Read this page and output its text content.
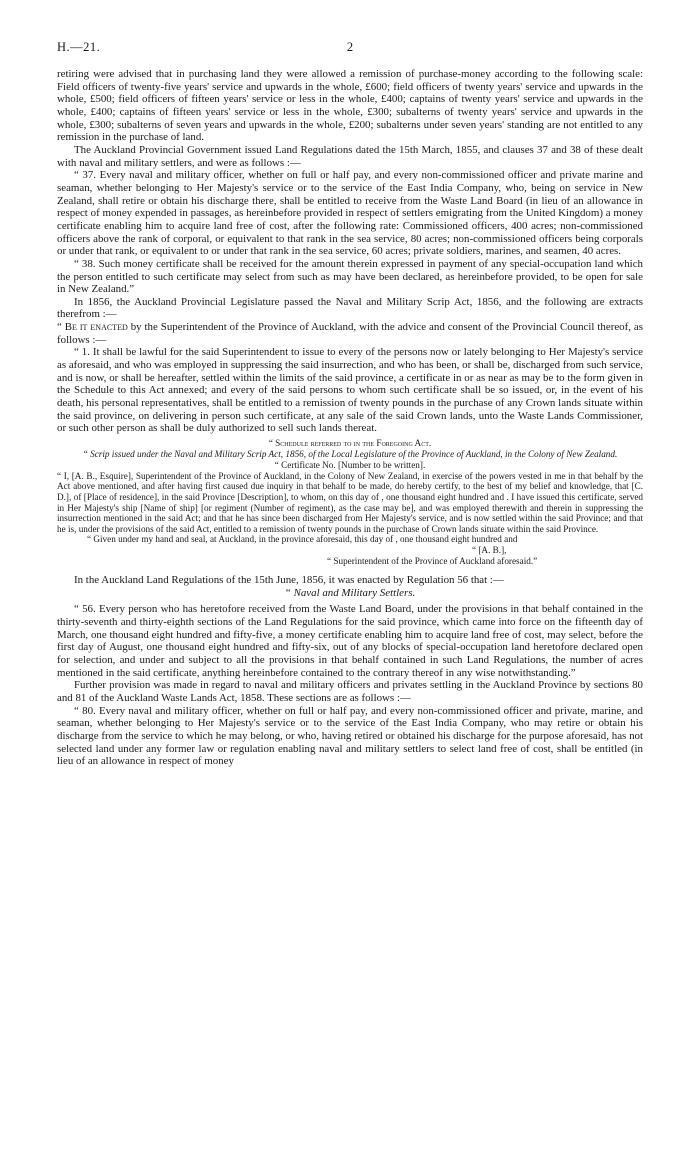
H.—21.	2

retiring were advised that in purchasing land they were allowed a remission of purchase-money according to the following scale: Field officers of twenty-five years' service and upwards in the whole, £600; field officers of twenty years' service and upwards in the whole, £500; field officers of fifteen years' service or less in the whole, £400; captains of twenty years' service and upwards in the whole, £400; captains of fifteen years' service or less in the whole, £300; subalterns of twenty years' service and upwards in the whole, £300; subalterns of seven years and upwards in the whole, £200; subalterns under seven years' standing are not entitled to any remission in the purchase of land.

The Auckland Provincial Government issued Land Regulations dated the 15th March, 1855, and clauses 37 and 38 of these dealt with naval and military settlers, and were as follows :—

“ 37. Every naval and military officer, whether on full or half pay, and every non-commissioned officer and private marine and seaman, whether belonging to Her Majesty's service or to the service of the East India Company, who, being on service in New Zealand, shall retire or obtain his discharge there, shall be entitled to receive from the Waste Land Board (in lieu of an allowance in respect of money expended in passages, as hereinbefore provided in respect of settlers emigrating from the United Kingdom) a money certificate enabling him to acquire land free of cost, after the following rate: Commissioned officers, 400 acres; non-commissioned officers above the rank of corporal, or equivalent to that rank in the sea service, 80 acres; non-commissioned officers being corporals or under that rank, or equivalent to or under that rank in the sea service, 60 acres; private soldiers, marines, and seamen, 40 acres.

“ 38. Such money certificate shall be received for the amount therein expressed in payment of any special-occupation land which the person entitled to such certificate may select from such as may have been declared, as hereinbefore provided, to be open for sale in New Zealand.”

In 1856, the Auckland Provincial Legislature passed the Naval and Military Scrip Act, 1856, and the following are extracts therefrom :—

“ Be it enacted by the Superintendent of the Province of Auckland, with the advice and consent of the Provincial Council thereof, as follows :—

“ 1. It shall be lawful for the said Superintendent to issue to every of the persons now or lately belonging to Her Majesty's service as aforesaid, and who was employed in suppressing the said insurrection, and who has been, or shall be, discharged from such service, and is now, or shall be hereafter, settled within the limits of the said province, a certificate in or as near as may be to the form given in the Schedule to this Act annexed; and every of the said persons to whom such certificate shall be so issued, or, in the event of his death, his personal representatives, shall be entitled to a remission of twenty pounds in the purchase of any Crown lands situate within the said province, on delivering in person such certificate, at any sale of the said Crown lands, unto the Waste Lands Commissioner, or such other person as shall be duly authorized to sell such lands thereat.

“ Schedule referred to in the Foregoing Act.

“ Scrip issued under the Naval and Military Scrip Act, 1856, of the Local Legislature of the Province of Auckland, in the Colony of New Zealand.

“ Certificate No. [Number to be written].

“ I, [A. B., Esquire], Superintendent of the Province of Auckland, in the Colony of New Zealand, in exercise of the powers vested in me in that behalf by the Act above mentioned, and after having first caused due inquiry in that behalf to be made, do hereby certify, to the best of my belief and knowledge, that [C. D.], of [Place of residence], in the said Province [Description], to whom, on this day of , one thousand eight hundred and . I have issued this certificate, served in Her Majesty's ship [Name of ship] [or regiment (Number of regiment), as the case may be], and was employed therewith and therein in suppressing the insurrection mentioned in the said Act; and that he has since been discharged from Her Majesty's service, and is now settled within the said Province; and that he is, under the provisions of the said Act, entitled to a remission of twenty pounds in the purchase of Crown lands situate within the said Province.

“ Given under my hand and seal, at Auckland, in the province aforesaid, this day of , one thousand eight hundred and

“ [A. B.],
“ Superintendent of the Province of Auckland aforesaid.”

In the Auckland Land Regulations of the 15th June, 1856, it was enacted by Regulation 56 that :—

“ Naval and Military Settlers.

“ 56. Every person who has heretofore received from the Waste Land Board, under the provisions in that behalf contained in the thirty-seventh and thirty-eighth sections of the Land Regulations for the said province, which came into force on the fifteenth day of March, one thousand eight hundred and fifty-five, a money certificate enabling him to acquire land free of cost, may select, before the first day of August, one thousand eight hundred and fifty-six, out of any blocks of special-occupation land heretofore declared open for selection, and under and subject to all the provisions in that behalf contained in such Land Regulations, the number of acres mentioned in the said certificate, anything hereinbefore contained to the contrary thereof in any wise notwithstanding.”

Further provision was made in regard to naval and military officers and privates settling in the Auckland Province by sections 80 and 81 of the Auckland Waste Lands Act, 1858. These sections are as follows :—

“ 80. Every naval and military officer, whether on full or half pay, and every non-commissioned officer and private, marine, and seaman, whether belonging to Her Majesty's service or to the service of the East India Company, who may retire or obtain his discharge from the service to which he may belong, or who, having retired or obtained his discharge for the purpose aforesaid, has not selected land under any former law or regulation enabling naval and military settlers to select land free of cost, shall be entitled (in lieu of an allowance in respect of money
